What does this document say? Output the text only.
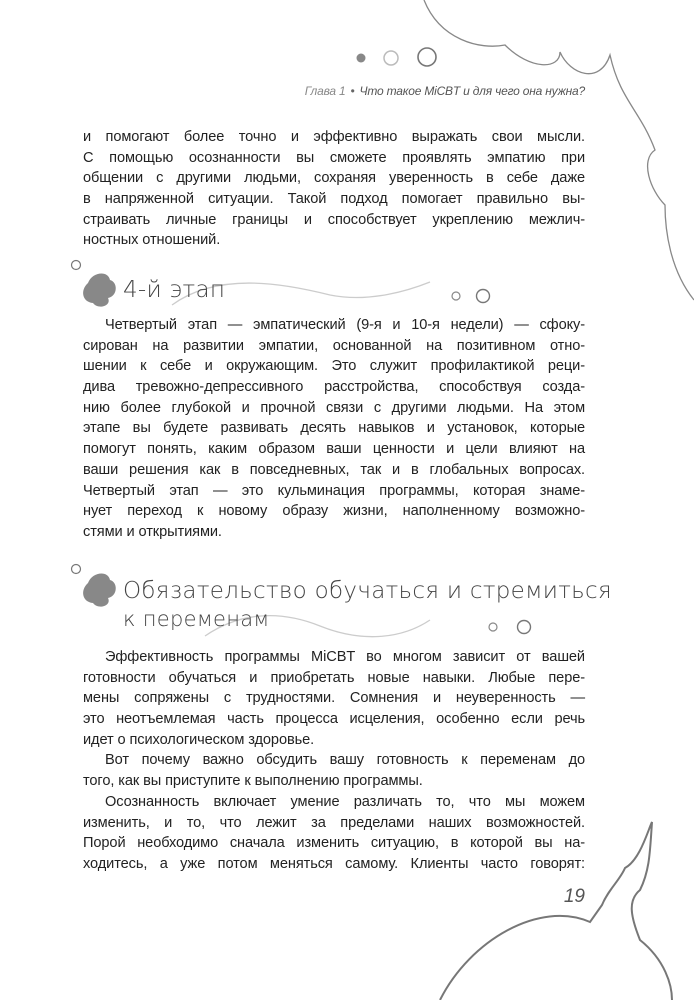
Глава 1 • Что такое MiCBT и для чего она нужна?
и помогают более точно и эффективно выражать свои мысли.
С помощью осознанности вы сможете проявлять эмпатию при
общении с другими людьми, сохраняя уверенность в себе даже
в напряженной ситуации. Такой подход помогает правильно вы-
страивать личные границы и способствует укреплению межлич-
ностных отношений.
4-й этап
Четвертый этап — эмпатический (9-я и 10-я недели) — сфоку-
сирован на развитии эмпатии, основанной на позитивном отно-
шении к себе и окружающим. Это служит профилактикой реци-
дива тревожно-депрессивного расстройства, способствуя созда-
нию более глубокой и прочной связи с другими людьми. На этом
этапе вы будете развивать десять навыков и установок, которые
помогут понять, каким образом ваши ценности и цели влияют на
ваши решения как в повседневных, так и в глобальных вопросах.
Четвертый этап — это кульминация программы, которая знаме-
нует переход к новому образу жизни, наполненному возможно-
стями и открытиями.
Обязательство обучаться и стремиться
к переменам
Эффективность программы MiCBT во многом зависит от вашей
готовности обучаться и приобретать новые навыки. Любые пере-
мены сопряжены с трудностями. Сомнения и неуверенность —
это неотъемлемая часть процесса исцеления, особенно если речь
идет о психологическом здоровье.
Вот почему важно обсудить вашу готовность к переменам до
того, как вы приступите к выполнению программы.
Осознанность включает умение различать то, что мы можем
изменить, и то, что лежит за пределами наших возможностей.
Порой необходимо сначала изменить ситуацию, в которой вы на-
ходитесь, а уже потом меняться самому. Клиенты часто говорят:
19
